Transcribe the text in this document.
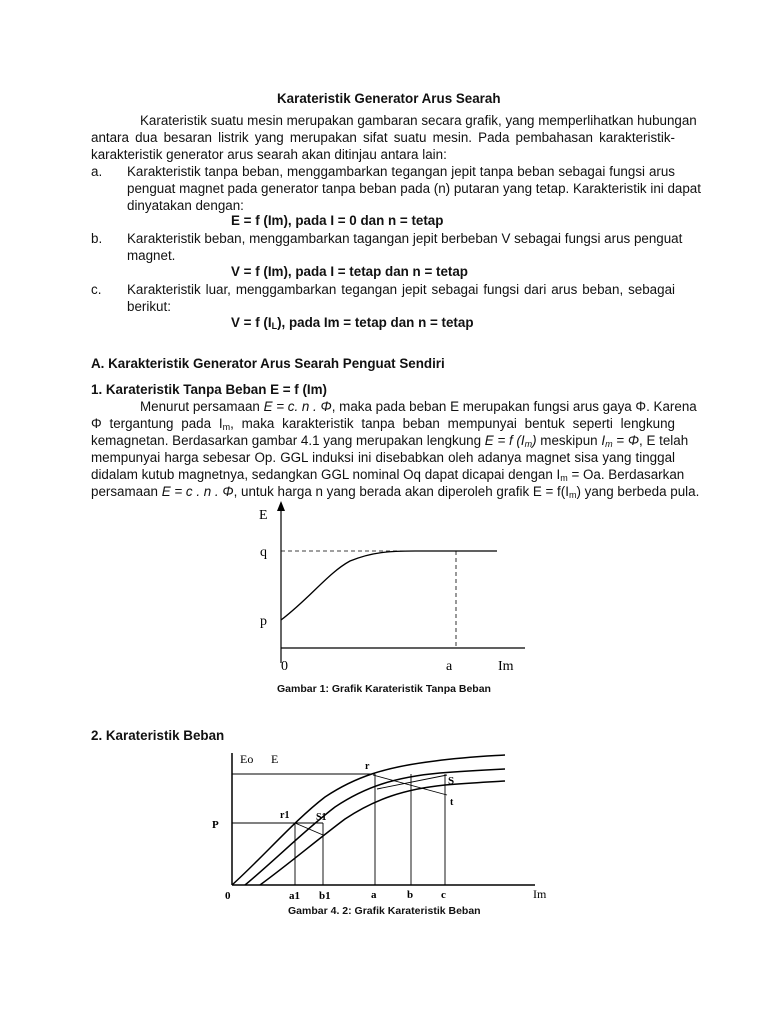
Karateristik Generator Arus Searah
Karateristik suatu mesin merupakan gambaran secara grafik, yang memperlihatkan hubungan
antara dua besaran listrik yang merupakan sifat suatu mesin. Pada pembahasan karakteristik-
karakteristik generator arus searah akan ditinjau antara lain:
a. Karakteristik tanpa beban, menggambarkan tegangan jepit tanpa beban sebagai fungsi arus
penguat magnet pada generator tanpa beban pada (n) putaran yang tetap. Karakteristik ini dapat
dinyatakan dengan:
E = f (Im), pada I = 0 dan n = tetap
b. Karakteristik beban, menggambarkan tagangan jepit berbeban V sebagai fungsi arus penguat
magnet.
V = f (Im), pada I = tetap dan n = tetap
c. Karakteristik luar, menggambarkan tegangan jepit sebagai fungsi dari arus beban, sebagai
berikut:
V = f $(I_L)$, pada Im = tetap dan n = tetap
A. Karakteristik Generator Arus Searah Penguat Sendiri
1. Karateristik Tanpa Beban E = f (Im)
Menurut persamaan E = c. n . Φ, maka pada beban E merupakan fungsi arus gaya Φ. Karena
Φ tergantung pada $I_m$, maka karakteristik tanpa beban mempunyai bentuk seperti lengkung
kemagnetan. Berdasarkan gambar 4.1 yang merupakan lengkung E = f $(I_m)$ meskipun $I_m = \Phi$, E telah
mempunyai harga sebesar Op. GGL induksi ini disebabkan oleh adanya magnet sisa yang tinggal
didalam kutub magnetnya, sedangkan GGL nominal Oq dapat dicapai dengan $I_m = Oa$. Berdasarkan
persamaan E = c . n . Φ, untuk harga n yang berada akan diperoleh grafik $E = f(I_m)$ yang berbeda pula.
E
q
p
0	a	Im
Gambar 1: Grafik Karateristik Tanpa Beban
2. Karateristik Beban
Eo E
P
r
r1	S1
S
t
0	a1 b1	a	b	c	Im
Gambar 4. 2: Grafik Karateristik Beban
